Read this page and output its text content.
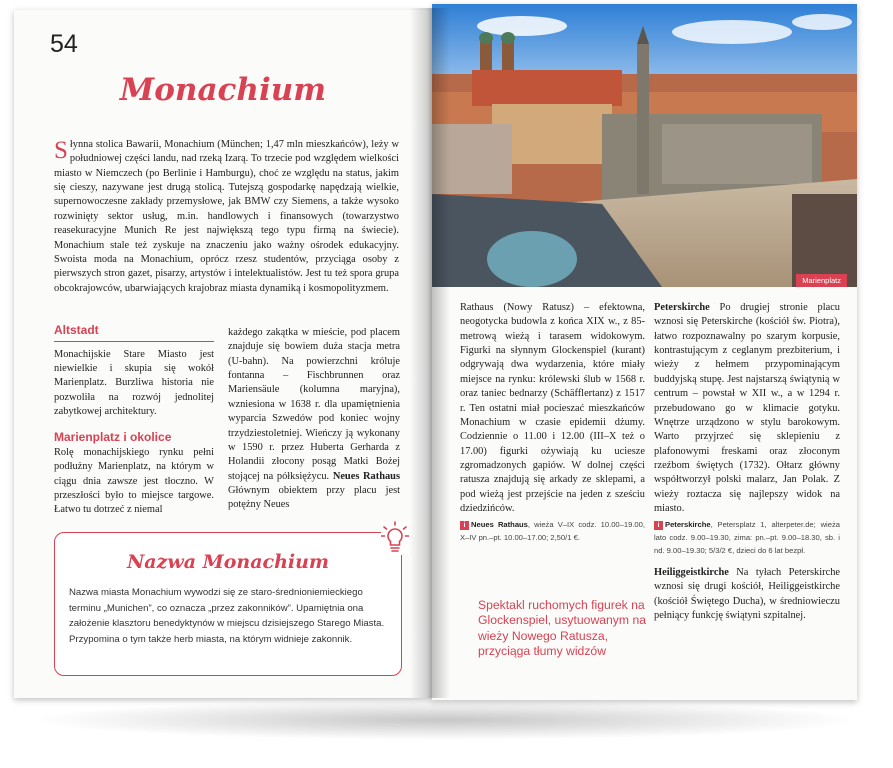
54
Monachium
Słynna stolica Bawarii, Monachium (München; 1,47 mln mieszkańców), leży w południowej części landu, nad rzeką Izarą. To trzecie pod względem wielkości miasto w Niemczech (po Berlinie i Hamburgu), choć ze względu na status, jakim się cieszy, nazywane jest drugą stolicą. Tutejszą gospodarkę napędzają wielkie, supernowoczesne zakłady przemysłowe, jak BMW czy Siemens, a także wysoko rozwinięty sektor usług, m.in. handlowych i finansowych (towarzystwo reasekuracyjne Munich Re jest największą tego typu firmą na świecie). Monachium stale też zyskuje na znaczeniu jako ważny ośrodek edukacyjny. Swoista moda na Monachium, oprócz rzesz studentów, przyciąga osoby z pierwszych stron gazet, pisarzy, artystów i intelektualistów. Jest tu też spora grupa obcokrajowców, ubarwiających krajobraz miasta dynamiką i kosmopolityzmem.
Altstadt
Monachijskie Stare Miasto jest niewielkie i skupia się wokół Marienplatz. Burzliwa historia nie pozwoliła na rozwój jednolitej zabytkowej architektury.
Marienplatz i okolice
Rolę monachijskiego rynku pełni podłużny Marienplatz, na którym w ciągu dnia zawsze jest tłoczno. W przeszłości było to miejsce targowe. Łatwo tu dotrzeć z niemal
każdego zakątka w mieście, pod placem znajduje się bowiem duża stacja metra (U-bahn). Na powierzchni króluje fontanna – Fischbrunnen oraz Mariensäule (kolumna maryjna), wzniesiona w 1638 r. dla upamiętnienia wyparcia Szwedów pod koniec wojny trzydziestoletniej. Wieńczy ją wykonany w 1590 r. przez Huberta Gerharda z Holandii złocony posąg Matki Bożej stojącej na półksiężycu. Neues Rathaus Głównym obiektem przy placu jest potężny Neues
Nazwa Monachium
Nazwa miasta Monachium wywodzi się ze staro-średnioniemieckiego terminu „Munichen”, co oznacza „przez zakonników”. Upamiętnia ona założenie klasztoru benedyktynów w miejscu dzisiejszego Starego Miasta. Przypomina o tym także herb miasta, na którym widnieje zakonnik.
Marienplatz
Rathaus (Nowy Ratusz) – efektowna, neogotycka budowla z końca XIX w., z 85-metrową wieżą i tarasem widokowym. Figurki na słynnym Glockenspiel (kurant) odgrywają dwa wydarzenia, które miały miejsce na rynku: królewski ślub w 1568 r. oraz taniec bednarzy (Schäfflertanz) z 1517 r. Ten ostatni miał pocieszać mieszkańców Monachium w czasie epidemii dżumy. Codziennie o 11.00 i 12.00 (III–X też o 17.00) figurki ożywiają ku uciesze zgromadzonych gapiów. W dolnej części ratusza znajdują się arkady ze sklepami, a pod wieżą jest przejście na jeden z sześciu dziedzińców.
i Neues Rathaus, wieża V–IX codz. 10.00–19.00, X–IV pn.–pt. 10.00–17.00; 2,50/1 €.
Peterskirche Po drugiej stronie placu wznosi się Peterskirche (kościół św. Piotra), łatwo rozpoznawalny po szarym korpusie, kontrastującym z ceglanym prezbiterium, i wieży z hełmem przypominającym buddyjską stupę. Jest najstarszą świątynią w centrum – powstał w XII w., a w 1294 r. przebudowano go w klimacie gotyku. Wnętrze urządzono w stylu barokowym. Warto przyjrzeć się sklepieniu z plafonowymi freskami oraz złoconym rzeźbom świętych (1732). Ołtarz główny współtworzył polski malarz, Jan Polak. Z wieży roztacza się najlepszy widok na miasto.
i Peterskirche, Petersplatz 1, alterpeter.de; wieża lato codz. 9.00–19.30, zima: pn.–pt. 9.00–18.30, sb. i nd. 9.00–19.30; 5/3/2 €, dzieci do 6 lat bezpł.
Heiliggeistkirche Na tyłach Peterskirche wznosi się drugi kościół, Heiliggeistkirche (kościół Świętego Ducha), w średniowieczu pełniący funkcję świątyni szpitalnej.
Spektakl ruchomych figurek na Glockenspiel, usytuowanym na wieży Nowego Ratusza, przyciąga tłumy widzów
